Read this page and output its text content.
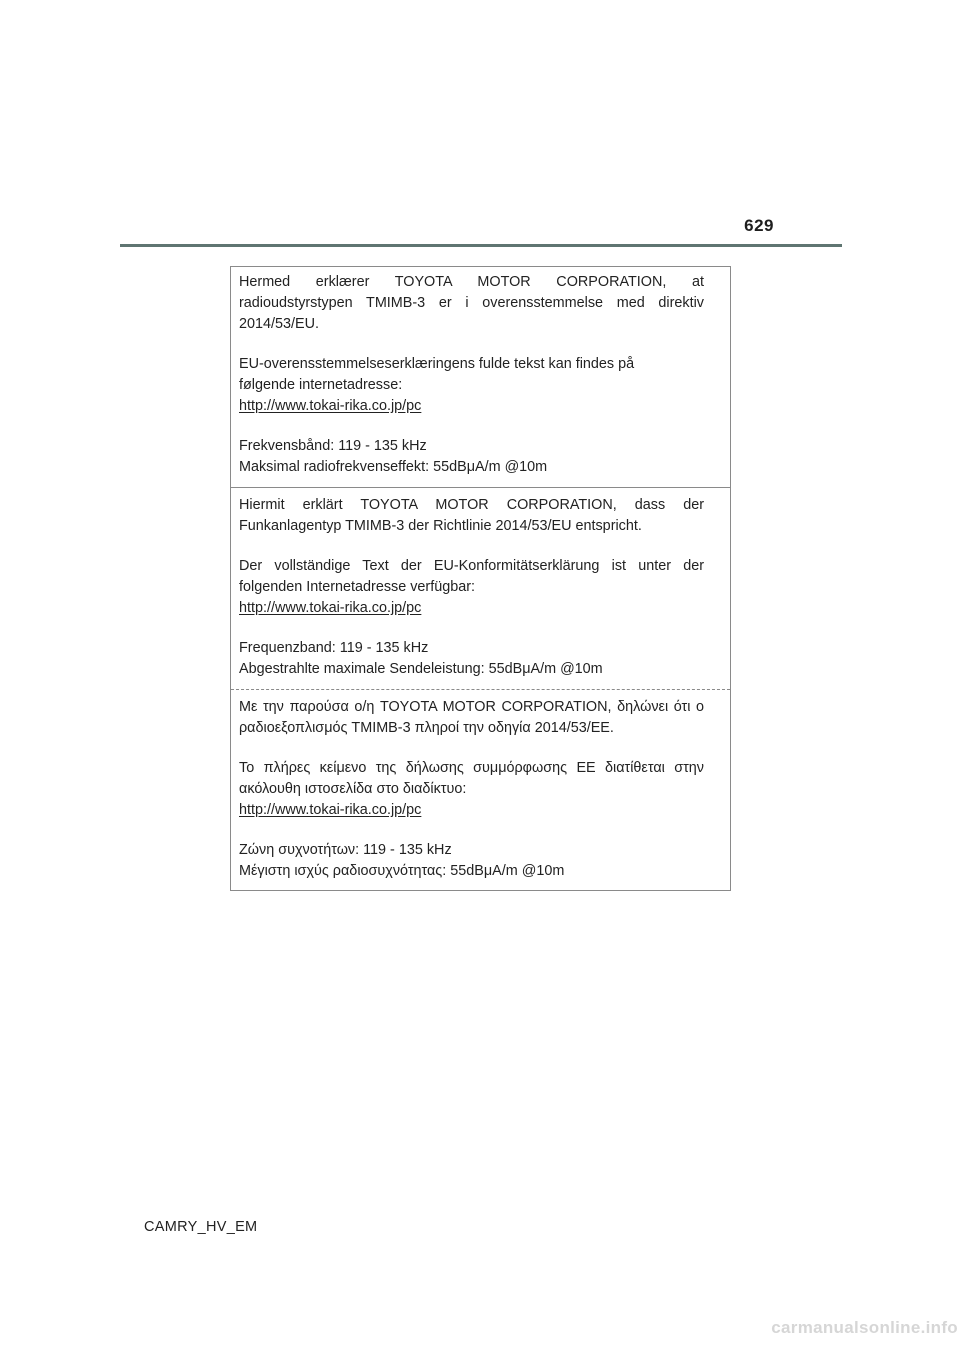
629

Hermed erklærer TOYOTA MOTOR CORPORATION, at radioudstyrstypen TMIMB-3 er i overensstemmelse med direktiv 2014/53/EU.

EU-overensstemmelseserklæringens fulde tekst kan findes på
følgende internetadresse:
http://www.tokai-rika.co.jp/pc

Frekvensbånd: 119 - 135 kHz
Maksimal radiofrekvenseffekt: 55dBμA/m @10m

Hiermit erklärt TOYOTA MOTOR CORPORATION, dass der Funkanlagentyp TMIMB-3 der Richtlinie 2014/53/EU entspricht.

Der vollständige Text der EU-Konformitätserklärung ist unter der folgenden Internetadresse verfügbar:
http://www.tokai-rika.co.jp/pc

Frequenzband: 119 - 135 kHz
Abgestrahlte maximale Sendeleistung: 55dBμA/m @10m

Με την παρούσα ο/η TOYOTA MOTOR CORPORATION, δηλώνει ότι ο ραδιοεξοπλισμός TMIMB-3 πληροί την οδηγία 2014/53/ΕΕ.

Το πλήρες κείμενο της δήλωσης συμμόρφωσης ΕΕ διατίθεται στην ακόλουθη ιστοσελίδα στο διαδίκτυο:
http://www.tokai-rika.co.jp/pc

Ζώνη συχνοτήτων: 119 - 135 kHz
Μέγιστη ισχύς ραδιοσυχνότητας: 55dBμA/m @10m

CAMRY_HV_EM
carmanualsonline.info
